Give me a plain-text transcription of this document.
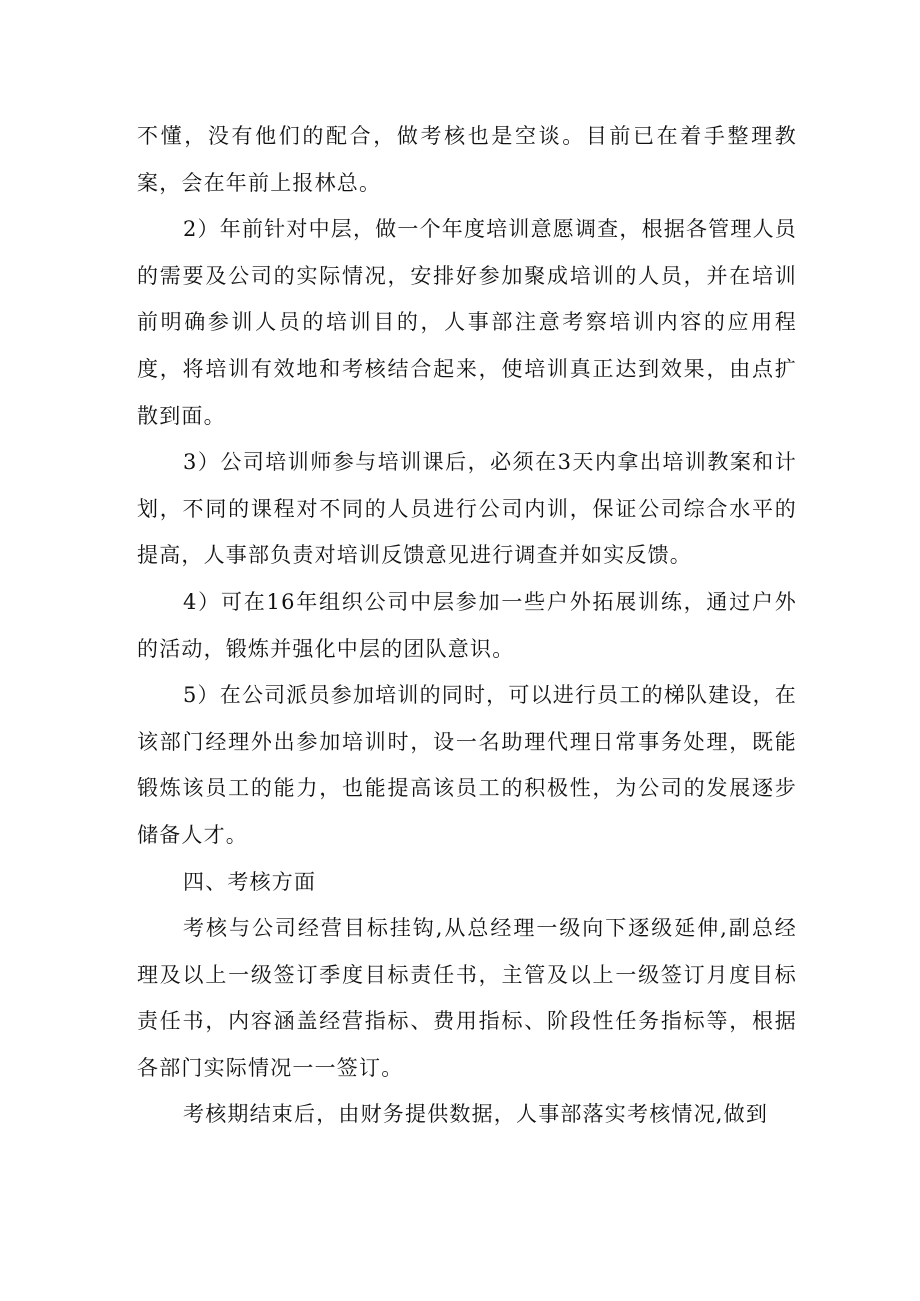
不懂，没有他们的配合，做考核也是空谈。目前已在着手整理教案，会在年前上报林总。

2）年前针对中层，做一个年度培训意愿调查，根据各管理人员的需要及公司的实际情况，安排好参加聚成培训的人员，并在培训前明确参训人员的培训目的，人事部注意考察培训内容的应用程度，将培训有效地和考核结合起来，使培训真正达到效果，由点扩散到面。

3）公司培训师参与培训课后，必须在3天内拿出培训教案和计划，不同的课程对不同的人员进行公司内训，保证公司综合水平的提高，人事部负责对培训反馈意见进行调查并如实反馈。

4）可在16年组织公司中层参加一些户外拓展训练，通过户外的活动，锻炼并强化中层的团队意识。

5）在公司派员参加培训的同时，可以进行员工的梯队建设，在该部门经理外出参加培训时，设一名助理代理日常事务处理，既能锻炼该员工的能力，也能提高该员工的积极性，为公司的发展逐步储备人才。

四、考核方面

考核与公司经营目标挂钩,从总经理一级向下逐级延伸,副总经理及以上一级签订季度目标责任书，主管及以上一级签订月度目标责任书，内容涵盖经营指标、费用指标、阶段性任务指标等，根据各部门实际情况一一签订。

考核期结束后，由财务提供数据，人事部落实考核情况,做到
